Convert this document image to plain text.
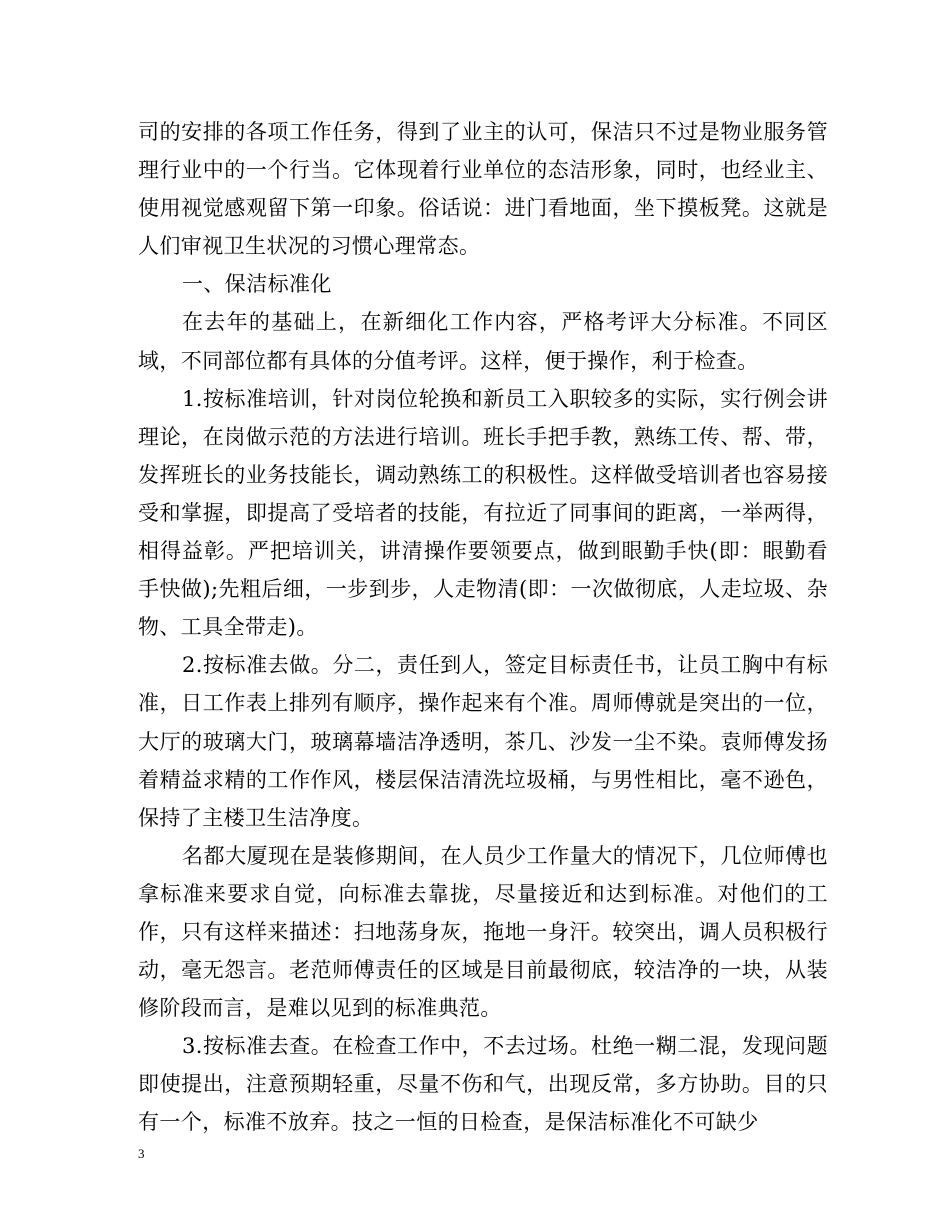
司的安排的各项工作任务，得到了业主的认可，保洁只不过是物业服务管理行业中的一个行当。它体现着行业单位的态洁形象，同时，也经业主、使用视觉感观留下第一印象。俗话说：进门看地面，坐下摸板凳。这就是人们审视卫生状况的习惯心理常态。

一、保洁标准化

在去年的基础上，在新细化工作内容，严格考评大分标准。不同区域，不同部位都有具体的分值考评。这样，便于操作，利于检查。

1.按标准培训，针对岗位轮换和新员工入职较多的实际，实行例会讲理论，在岗做示范的方法进行培训。班长手把手教，熟练工传、帮、带，发挥班长的业务技能长，调动熟练工的积极性。这样做受培训者也容易接受和掌握，即提高了受培者的技能，有拉近了同事间的距离，一举两得，相得益彰。严把培训关，讲清操作要领要点，做到眼勤手快(即：眼勤看手快做);先粗后细，一步到步，人走物清(即：一次做彻底，人走垃圾、杂物、工具全带走)。

2.按标准去做。分二，责任到人，签定目标责任书，让员工胸中有标准，日工作表上排列有顺序，操作起来有个准。周师傅就是突出的一位，大厅的玻璃大门，玻璃幕墙洁净透明，茶几、沙发一尘不染。袁师傅发扬着精益求精的工作作风，楼层保洁清洗垃圾桶，与男性相比，毫不逊色，保持了主楼卫生洁净度。

名都大厦现在是装修期间，在人员少工作量大的情况下，几位师傅也拿标准来要求自觉，向标准去靠拢，尽量接近和达到标准。对他们的工作，只有这样来描述：扫地荡身灰，拖地一身汗。较突出，调人员积极行动，毫无怨言。老范师傅责任的区域是目前最彻底，较洁净的一块，从装修阶段而言，是难以见到的标准典范。

3.按标准去查。在检查工作中，不去过场。杜绝一糊二混，发现问题即使提出，注意预期轻重，尽量不伤和气，出现反常，多方协助。目的只有一个，标准不放弃。技之一恒的日检查，是保洁标准化不可缺少

3
